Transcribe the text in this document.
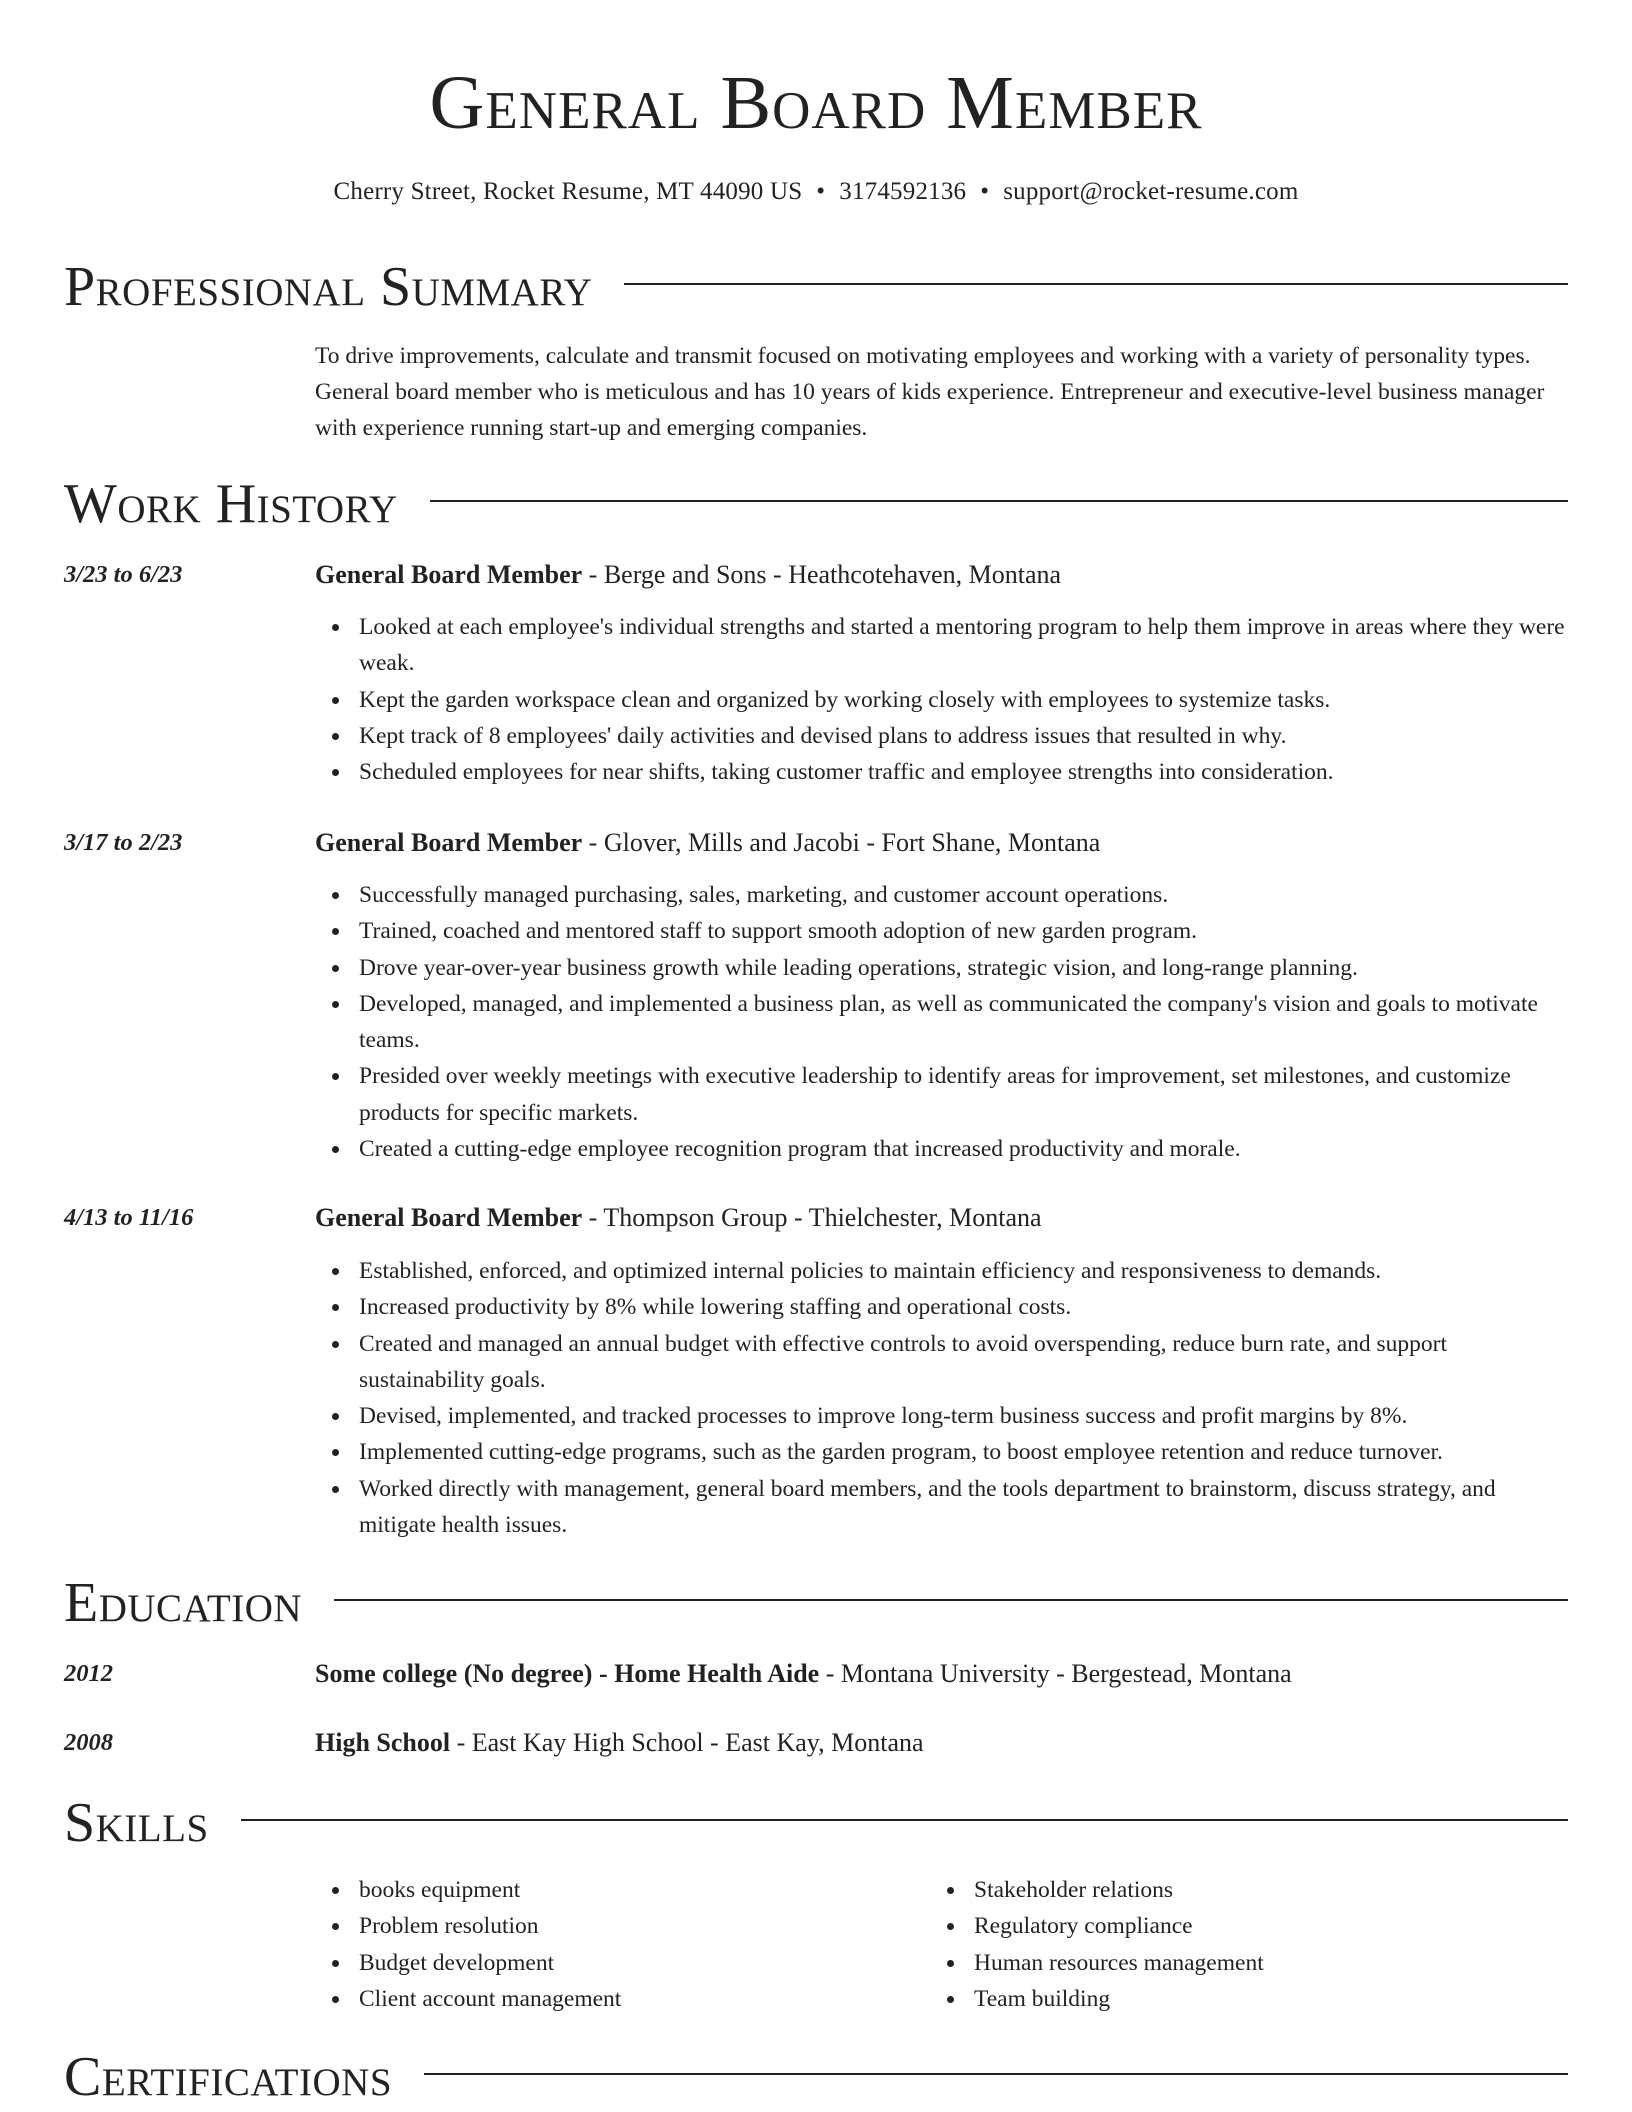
General Board Member
Cherry Street, Rocket Resume, MT 44090 US • 3174592136 • support@rocket-resume.com
Professional Summary

To drive improvements, calculate and transmit focused on motivating employees and working with a variety of personality types. General board member who is meticulous and has 10 years of kids experience. Entrepreneur and executive-level business manager with experience running start-up and emerging companies.

Work History
3/23 to 6/23	General Board Member - Berge and Sons - Heathcotehaven, Montana
Looked at each employee's individual strengths and started a mentoring program to help them improve in areas where they were weak.
Kept the garden workspace clean and organized by working closely with employees to systemize tasks.
Kept track of 8 employees' daily activities and devised plans to address issues that resulted in why.
Scheduled employees for near shifts, taking customer traffic and employee strengths into consideration.
3/17 to 2/23	General Board Member - Glover, Mills and Jacobi - Fort Shane, Montana
Successfully managed purchasing, sales, marketing, and customer account operations.
Trained, coached and mentored staff to support smooth adoption of new garden program.
Drove year-over-year business growth while leading operations, strategic vision, and long-range planning.
Developed, managed, and implemented a business plan, as well as communicated the company's vision and goals to motivate teams.
Presided over weekly meetings with executive leadership to identify areas for improvement, set milestones, and customize products for specific markets.
Created a cutting-edge employee recognition program that increased productivity and morale.
4/13 to 11/16	General Board Member - Thompson Group - Thielchester, Montana
Established, enforced, and optimized internal policies to maintain efficiency and responsiveness to demands.
Increased productivity by 8% while lowering staffing and operational costs.
Created and managed an annual budget with effective controls to avoid overspending, reduce burn rate, and support sustainability goals.
Devised, implemented, and tracked processes to improve long-term business success and profit margins by 8%.
Implemented cutting-edge programs, such as the garden program, to boost employee retention and reduce turnover.
Worked directly with management, general board members, and the tools department to brainstorm, discuss strategy, and mitigate health issues.
Education
2012	Some college (No degree) - Home Health Aide - Montana University - Bergestead, Montana
2008	High School - East Kay High School - East Kay, Montana
Skills
books equipment
Problem resolution
Budget development
Client account management
Stakeholder relations
Regulatory compliance
Human resources management
Team building
Certifications
